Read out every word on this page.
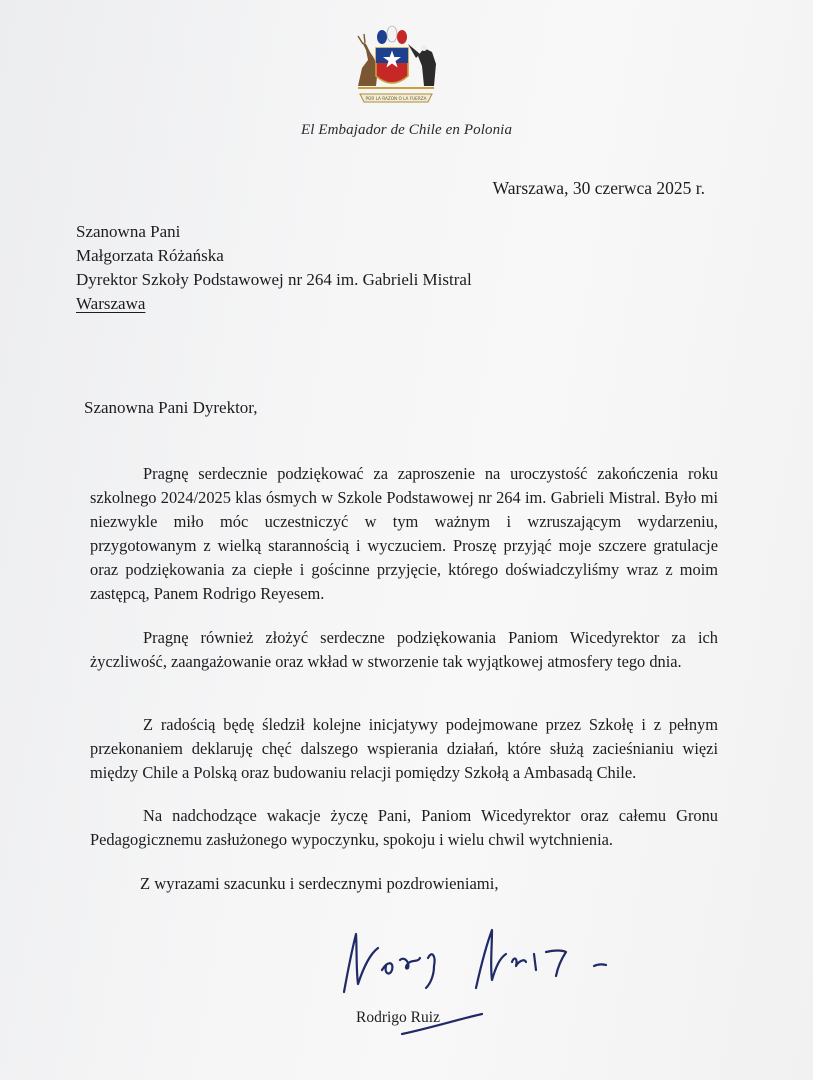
POR LA RAZON O LA FUERZA
El Embajador de Chile en Polonia
Warszawa, 30 czerwca 2025 r.
Szanowna Pani
Małgorzata Różańska
Dyrektor Szkoły Podstawowej nr 264 im. Gabrieli Mistral
Warszawa
Szanowna Pani Dyrektor,
Pragnę serdecznie podziękować za zaproszenie na uroczystość zakończenia roku szkolnego 2024/2025 klas ósmych w Szkole Podstawowej nr 264 im. Gabrieli Mistral. Było mi niezwykle miło móc uczestniczyć w tym ważnym i wzruszającym wydarzeniu, przygotowanym z wielką starannością i wyczuciem. Proszę przyjąć moje szczere gratulacje oraz podziękowania za ciepłe i gościnne przyjęcie, którego doświadczyliśmy wraz z moim zastępcą, Panem Rodrigo Reyesem.
Pragnę również złożyć serdeczne podziękowania Paniom Wicedyrektor za ich życzliwość, zaangażowanie oraz wkład w stworzenie tak wyjątkowej atmosfery tego dnia.
Z radością będę śledził kolejne inicjatywy podejmowane przez Szkołę i z pełnym przekonaniem deklaruję chęć dalszego wspierania działań, które służą zacieśnianiu więzi między Chile a Polską oraz budowaniu relacji pomiędzy Szkołą a Ambasadą Chile.
Na nadchodzące wakacje życzę Pani, Paniom Wicedyrektor oraz całemu Gronu Pedagogicznemu zasłużonego wypoczynku, spokoju i wielu chwil wytchnienia.
Z wyrazami szacunku i serdecznymi pozdrowieniami,
Rodrigo Ruiz
